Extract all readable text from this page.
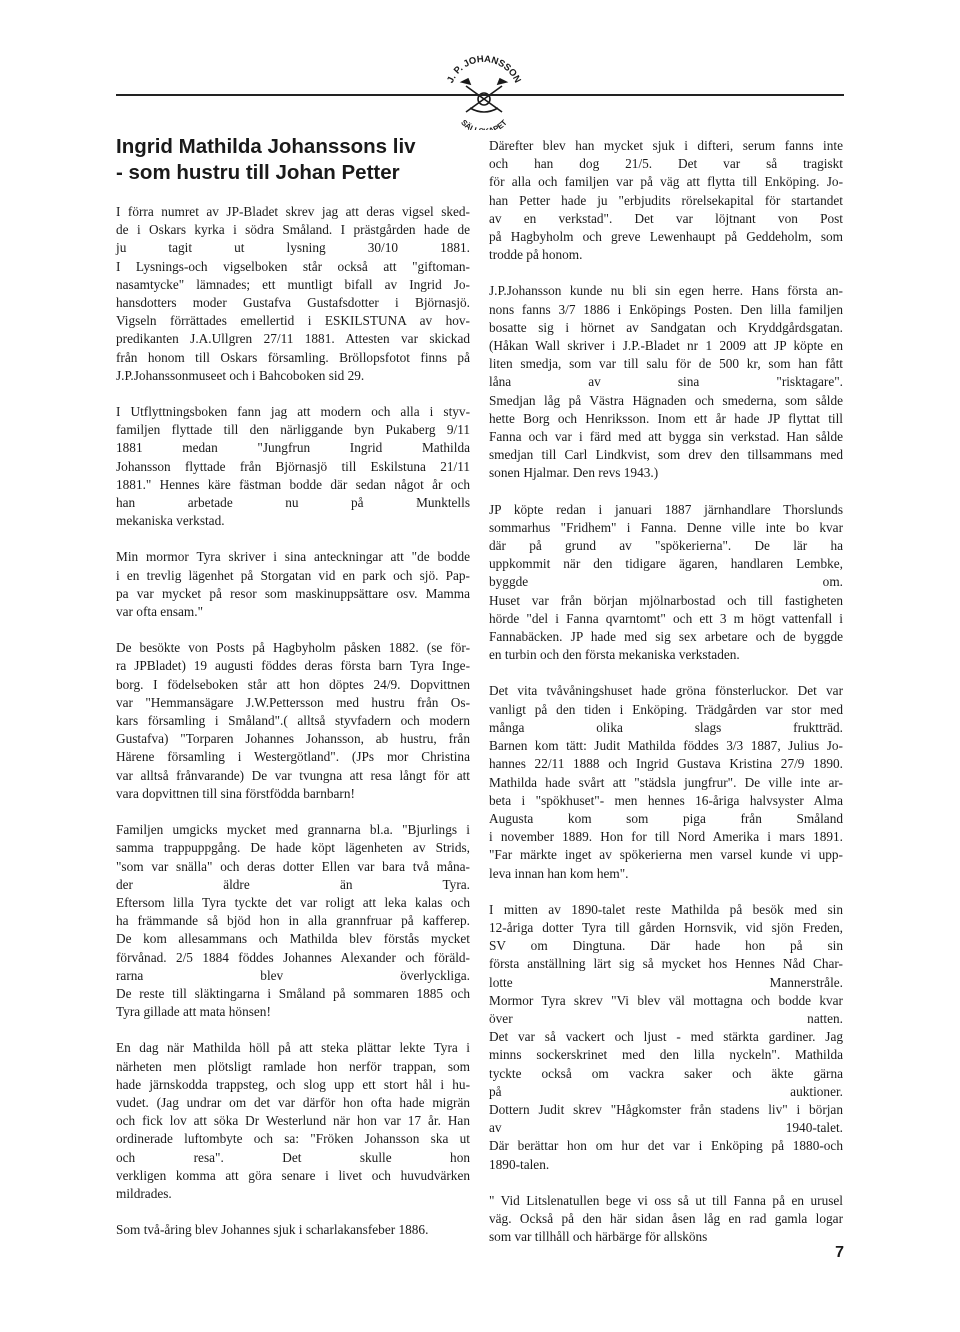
J. P. JOHANSSON
SÄL PET
Ingrid Mathilda Johanssons liv
- som hustru till Johan Petter

I förra numret av JP-Bladet skrev jag att deras vigsel sked-
de i Oskars kyrka i södra Småland. I prästgården hade de
ju tagit ut lysning 30/10 1881.
I Lysnings-och vigselboken står också att "giftoman-
nasamtycke" lämnades; ett muntligt bifall av Ingrid Jo-
hansdotters moder Gustafva Gustafsdotter i Björnasjö.
Vigseln förrättades emellertid i ESKILSTUNA av hov-
predikanten J.A.Ullgren 27/11 1881. Attesten var skickad
från honom till Oskars församling. Bröllopsfotot finns på
J.P.Johanssonmuseet och i Bahcoboken sid 29.

I Utflyttningsboken fann jag att modern och alla i styv-
familjen flyttade till den närliggande byn Pukaberg 9/11
1881 medan "Jungfrun Ingrid Mathilda
Johansson flyttade från Björnasjö till Eskilstuna 21/11
1881." Hennes käre fästman bodde där sedan något år och
han arbetade nu på Munktells
mekaniska verkstad.

Min mormor Tyra skriver i sina anteckningar att "de bodde
i en trevlig lägenhet på Storgatan vid en park och sjö. Pap-
pa var mycket på resor som maskinuppsättare osv. Mamma
var ofta ensam."

De besökte von Posts på Hagbyholm påsken 1882. (se för-
ra JPBladet) 19 augusti föddes deras första barn Tyra Inge-
borg. I födelseboken står att hon döptes 24/9. Dopvittnen
var "Hemmansägare J.W.Pettersson med hustru från Os-
kars församling i Småland".( alltså styvfadern och modern
Gustafva) "Torparen Johannes Johansson, ab hustru, från
Härene församling i Westergötland". (JPs mor Christina
var alltså frånvarande) De var tvungna att resa långt för att
vara dopvittnen till sina förstfödda barnbarn!

Familjen umgicks mycket med grannarna bl.a. "Bjurlings i
samma trappuppgång. De hade köpt lägenheten av Strids,
"som var snälla" och deras dotter Ellen var bara två måna-
der äldre än Tyra.
Eftersom lilla Tyra tyckte det var roligt att leka kalas och
ha främmande så bjöd hon in alla grannfruar på kafferep.
De kom allesammans och Mathilda blev förstås mycket
förvånad. 2/5 1884 föddes Johannes Alexander och föräld-
rarna blev överlyckliga.
De reste till släktingarna i Småland på sommaren 1885 och
Tyra gillade att mata hönsen!

En dag när Mathilda höll på att steka plättar lekte Tyra i
närheten men plötsligt ramlade hon nerför trappan, som
hade järnskodda trappsteg, och slog upp ett stort hål i hu-
vudet. (Jag undrar om det var därför hon ofta hade migrän
och fick lov att söka Dr Westerlund när hon var 17 år. Han
ordinerade luftombyte och sa: "Fröken Johansson ska ut
och resa". Det skulle hon
verkligen komma att göra senare i livet och huvudvärken
mildrades.

Som två-åring blev Johannes sjuk i scharlakansfeber 1886.

Därefter blev han mycket sjuk i difteri, serum fanns inte
och han dog 21/5. Det var så tragiskt
för alla och familjen var på väg att flytta till Enköping. Jo-
han Petter hade ju "erbjudits rörelsekapital för startandet
av en verkstad". Det var löjtnant von Post
på Hagbyholm och greve Lewenhaupt på Geddeholm, som
trodde på honom.

J.P.Johansson kunde nu bli sin egen herre. Hans första an-
nons fanns 3/7 1886 i Enköpings Posten. Den lilla familjen
bosatte sig i hörnet av Sandgatan och Kryddgårdsgatan.
(Håkan Wall skriver i J.P.-Bladet nr 1 2009 att JP köpte en
liten smedja, som var till salu för de 500 kr, som han fått
låna av sina "risktagare".
Smedjan låg på Västra Hägnaden och smederna, som sålde
hette Borg och Henriksson. Inom ett år hade JP flyttat till
Fanna och var i färd med att bygga sin verkstad. Han sålde
smedjan till Carl Lindkvist, som drev den tillsammans med
sonen Hjalmar. Den revs 1943.)

JP köpte redan i januari 1887 järnhandlare Thorslunds
sommarhus "Fridhem" i Fanna. Denne ville inte bo kvar
där på grund av "spökerierna". De lär ha
uppkommit när den tidigare ägaren, handlaren Lembke,
byggde om.
Huset var från början mjölnarbostad och till fastigheten
hörde "del i Fanna qvarntomt" och ett 3 m högt vattenfall i
Fannabäcken. JP hade med sig sex arbetare och de byggde
en turbin och den första mekaniska verkstaden.

Det vita tvåvåningshuset hade gröna fönsterluckor. Det var
vanligt på den tiden i Enköping. Trädgården var stor med
många olika slags fruktträd.
Barnen kom tätt: Judit Mathilda föddes 3/3 1887, Julius Jo-
hannes 22/11 1888 och Ingrid Gustava Kristina 27/9 1890.
Mathilda hade svårt att "städsla jungfrur". De ville inte ar-
beta i "spökhuset"- men hennes 16-åriga halvsyster Alma
Augusta kom som piga från Småland
i november 1889. Hon for till Nord Amerika i mars 1891.
"Far märkte inget av spökerierna men varsel kunde vi upp-
leva innan han kom hem".

I mitten av 1890-talet reste Mathilda på besök med sin
12-åriga dotter Tyra till gården Hornsvik, vid sjön Freden,
SV om Dingtuna. Där hade hon på sin
första anställning lärt sig så mycket hos Hennes Nåd Char-
lotte Mannerstråle.
Mormor Tyra skrev "Vi blev väl mottagna och bodde kvar
över natten.
Det var så vackert och ljust - med stärkta gardiner. Jag
minns sockerskrinet med den lilla nyckeln". Mathilda
tyckte också om vackra saker och äkte gärna
på auktioner.
Dottern Judit skrev "Hågkomster från stadens liv" i början
av 1940-talet.
Där berättar hon om hur det var i Enköping på 1880-och
1890-talen.

" Vid Litslenatullen bege vi oss så ut till Fanna på en urusel
väg. Också på den här sidan åsen låg en rad gamla logar
som var tillhåll och härbärge för allsköns

7
